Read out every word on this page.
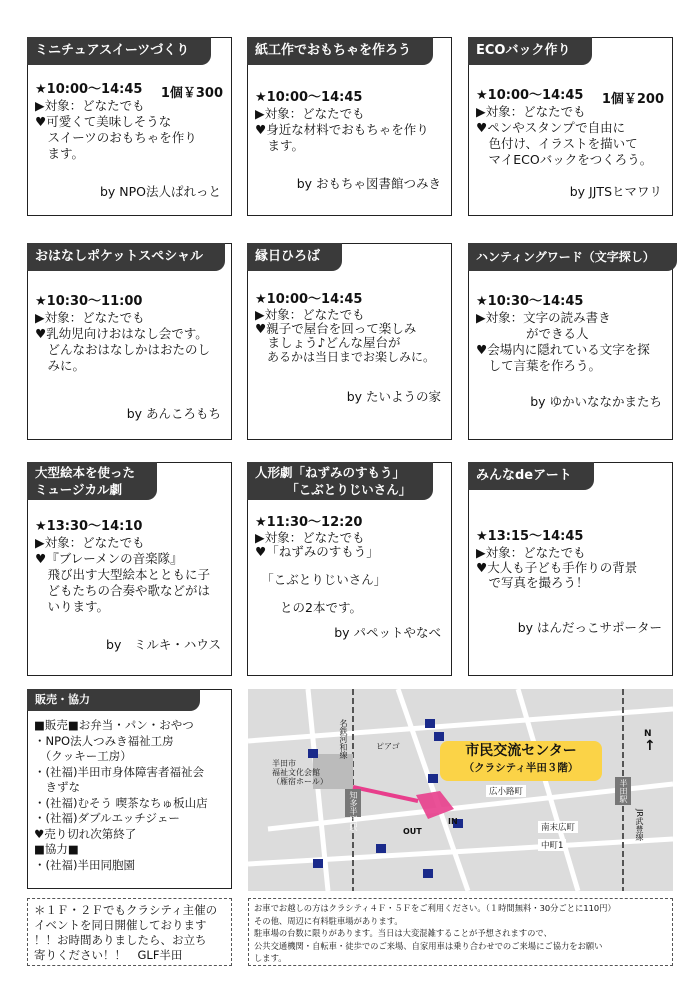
ミニチュアスイーツづくり
★10:00～14:45
▶対象：どなたでも
♥可愛くて美味しそうな
　スイーツのおもちゃを作り
　ます。
1個￥300
by NPO法人ぱれっと
紙工作でおもちゃを作ろう
★10:00～14:45
▶対象：どなたでも
♥身近な材料でおもちゃを作り
　ます。
by おもちゃ図書館つみき
ECOバック作り
★10:00～14:45
▶対象：どなたでも
♥ペンやスタンプで自由に
　色付け、イラストを描いて
　マイECOバックをつくろう。
1個￥200
by JJTSヒマワリ
おはなしポケットスペシャル
★10:30～11:00
▶対象：どなたでも
♥乳幼児向けおはなし会です。
　どんなおはなしかはおたのし
　みに。
by あんころもち
縁日ひろば
★10:00～14:45
▶対象：どなたでも
♥親子で屋台を回って楽しみ
　ましょう♪どんな屋台が
　あるかは当日までお楽しみに。
by たいようの家
ハンティングワード（文字探し）
★10:30～14:45
▶対象：文字の読み書き
　　　　ができる人
♥会場内に隠れている文字を探
　して言葉を作ろう。
by ゆかいななかまたち
大型絵本を使った
ミュージカル劇
★13:30～14:10
▶対象：どなたでも
♥『ブレーメンの音楽隊』
　飛び出す大型絵本とともに子
　どもたちの合奏や歌などがは
　いります。
by　ミルキ・ハウス
人形劇「ねずみのすもう」
　　　「こぶとりじいさん」
★11:30～12:20
▶対象：どなたでも
♥「ねずみのすもう」

　「こぶとりじいさん」

　　との2本です。
by パペットやなべ
みんなdeアート
★13:15～14:45
▶対象：どなたでも
♥大人も子ども手作りの背景
　で写真を撮ろう！
by はんだっこサポーター
販売・協力
■販売■お弁当・パン・おやつ
・NPO法人つみき福祉工房
　（クッキー工房）
・(社福)半田市身体障害者福祉会
　きずな
・(社福)むそう 喫茶なちゅ板山店
・(社福)ダブルエッチジェー
♥売り切れ次第終了
■協力■
・(社福)半田同胞園
市民交流センター
（クラシティ半田３階）
半田市
福祉文化会館
（雁宿ホール）
ピアゴ
広小路町
南末広町
中町1
半田駅
JR武豊線
名鉄河和線
知多半田駅	IN
OUT
N
↑
＊１Ｆ・２Ｆでもクラシティ主催の
イベントを同日開催しております
！！お時間ありましたら、お立ち
寄りください！！　GLF半田
お車でお越しの方はクラシティ４Ｆ・５Ｆをご利用ください。（１時間無料・30分ごとに110円）
その他、周辺に有料駐車場があります。
駐車場の台数に限りがあります。当日は大変混雑することが予想されますので、
公共交通機関・自転車・徒歩でのご来場、自家用車は乗り合わせでのご来場にご協力をお願い
します。
